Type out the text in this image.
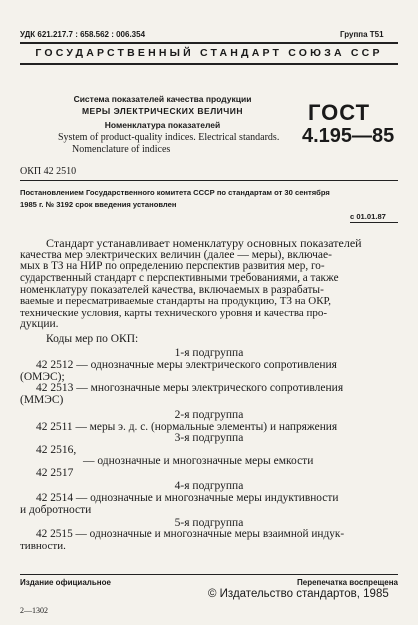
УДК 621.217.7 : 658.562 : 006.354	Группа Т51
ГОСУДАРСТВЕННЫЙ СТАНДАРТ СОЮЗА ССР
Система показателей качества продукции
МЕРЫ ЭЛЕКТРИЧЕСКИХ ВЕЛИЧИН
Номенклатура показателей
System of product-quality indices. Electrical standards.
Nomenclature of indices
ГОСТ
4.195—85
ОКП 42 2510
Постановлением Государственного комитета СССР по стандартам от 30 сентября
1985 г. № 3192 срок введения установлен
с 01.01.87
Стандарт устанавливает номенклатуру основных показателей
качества мер электрических величин (далее — меры), включае-
мых в ТЗ на НИР по определению перспектив развития мер, го-
сударственный стандарт с перспективными требованиями, а также
номенклатуру показателей качества, включаемых в разрабаты-
ваемые и пересматриваемые стандарты на продукцию, ТЗ на ОКР,
технические условия, карты технического уровня и качества про-
дукции.
Коды мер по ОКП:
1-я подгруппа
42 2512 — однозначные меры электрического сопротивления
(ОМЭС);
42 2513 — многозначные меры электрического сопротивления
(ММЭС)
2-я подгруппа
42 2511 — меры э. д. с. (нормальные элементы) и напряжения
3-я подгруппа
42 2516,
— однозначные и многозначные меры емкости
42 2517
4-я подгруппа
42 2514 — однозначные и многозначные меры индуктивности
и добротности
5-я подгруппа
42 2515 — однозначные и многозначные меры взаимной индук-
тивности.
Издание официальное	Перепечатка воспрещена
© Издательство стандартов, 1985
2—1302
